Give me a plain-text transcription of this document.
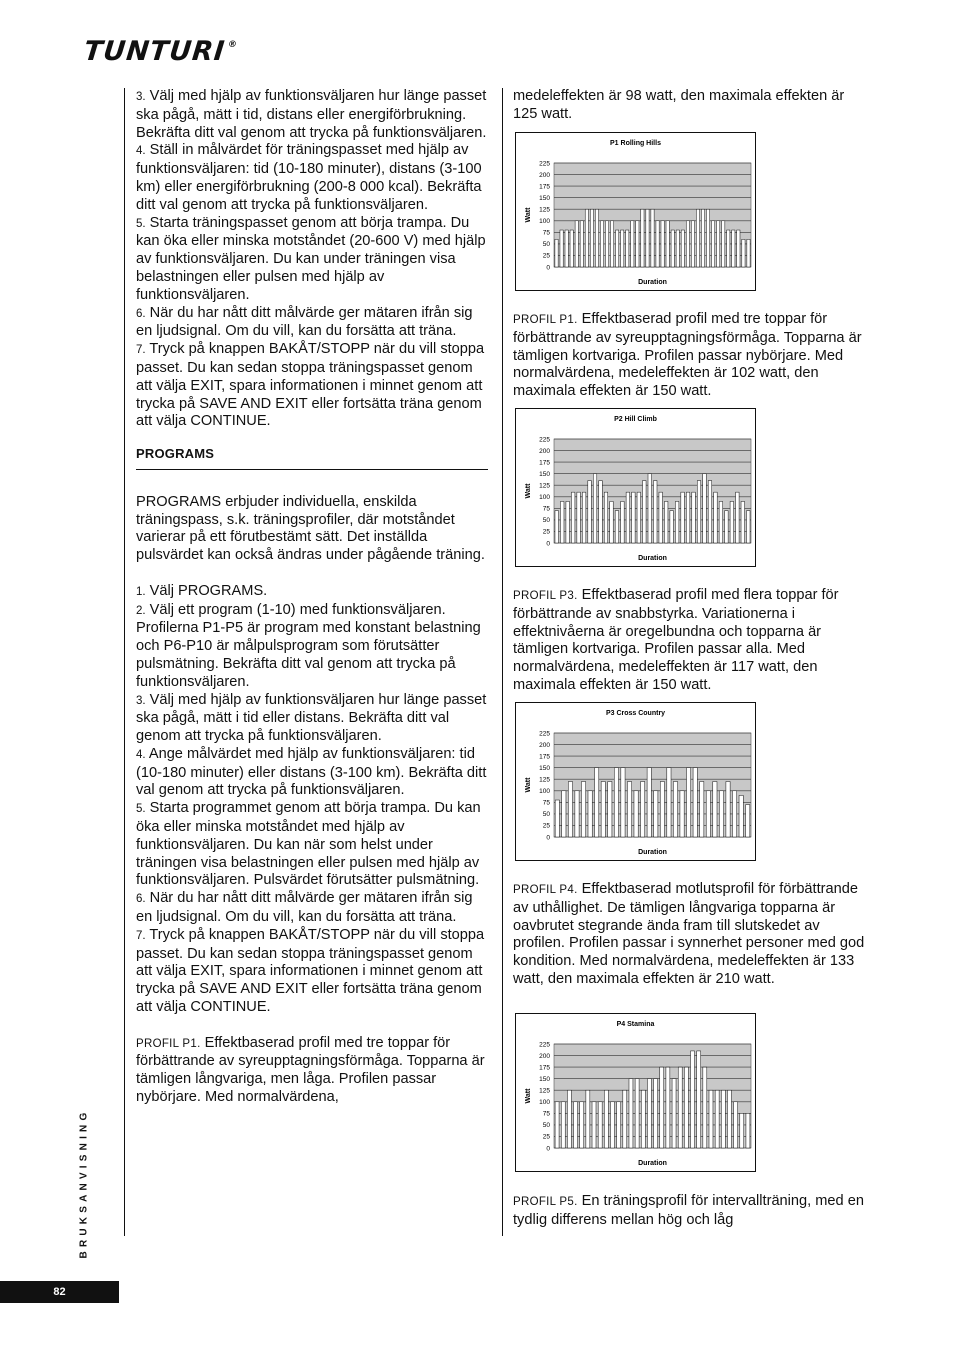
TUNTURI®

3. Välj med hjälp av funktionsväljaren hur länge passet ska pågå, mätt i tid, distans eller energiförbrukning. Bekräfta ditt val genom att trycka på funktionsväljaren.

4. Ställ in målvärdet för träningspasset med hjälp av funktionsväljaren: tid (10-180 minuter), distans (3-100 km) eller energiförbrukning (200-8 000 kcal). Bekräfta ditt val genom att trycka på funktionsväljaren.

5. Starta träningspasset genom att börja trampa. Du kan öka eller minska motståndet (20-600 V) med hjälp av funktionsväljaren. Du kan under träningen visa belastningen eller pulsen med hjälp av funktionsväljaren.

6. När du har nått ditt målvärde ger mätaren ifrån sig en ljudsignal. Om du vill, kan du forsätta att träna.

7. Tryck på knappen BAKÅT/STOPP när du vill stoppa passet. Du kan sedan stoppa träningspasset genom att välja EXIT, spara informationen i minnet genom att trycka på SAVE AND EXIT eller fortsätta träna genom att välja CONTINUE.

PROGRAMS

PROGRAMS erbjuder individuella, enskilda träningspass, s.k. träningsprofiler, där motståndet varierar på ett förutbestämt sätt. Det inställda pulsvärdet kan också ändras under pågående träning.

1. Välj PROGRAMS.

2. Välj ett program (1-10) med funktionsväljaren. Profilerna P1-P5 är program med konstant belastning och P6-P10 är målpulsprogram som förutsätter pulsmätning. Bekräfta ditt val genom att trycka på funktionsväljaren.

3. Välj med hjälp av funktionsväljaren hur länge passet ska pågå, mätt i tid eller distans. Bekräfta ditt val genom att trycka på funktionsväljaren.

4. Ange målvärdet med hjälp av funktionsväljaren: tid (10-180 minuter) eller distans (3-100 km). Bekräfta ditt val genom att trycka på funktionsväljaren.

5. Starta programmet genom att börja trampa. Du kan öka eller minska motståndet med hjälp av funktionsväljaren. Du kan när som helst under träningen visa belastningen eller pulsen med hjälp av funktionsväljaren. Pulsvärdet förutsätter pulsmätning.

6. När du har nått ditt målvärde ger mätaren ifrån sig en ljudsignal. Om du vill, kan du forsätta att träna.

7. Tryck på knappen BAKÅT/STOPP när du vill stoppa passet. Du kan sedan stoppa träningspasset genom att välja EXIT, spara informationen i minnet genom att trycka på SAVE AND EXIT eller fortsätta träna genom att välja CONTINUE.

PROFIL P1. Effektbaserad profil med tre toppar för förbättrande av syreupptagningsförmåga. Topparna är tämligen långvariga, men låga. Profilen passar nybörjare. Med normalvärdena,

medeleffekten är 98 watt, den maximala effekten är 125 watt.

P1 Rolling Hills
225
200
175
150
125
100
75
50
25
0
Watt
Duration

PROFIL P1. Effektbaserad profil med tre toppar för förbättrande av syreupptagningsförmåga. Topparna är tämligen kortvariga. Profilen passar nybörjare. Med normalvärdena, medeleffekten är 102 watt, den maximala effekten är 150 watt.

P2 Hill Climb
225
200
175
150
125
100
75
50
25
0
Watt
Duration

PROFIL P3. Effektbaserad profil med flera toppar för förbättrande av snabbstyrka. Variationerna i effektnivåerna är oregelbundna och topparna är tämligen kortvariga. Profilen passar alla. Med normalvärdena, medeleffekten är 117 watt, den maximala effekten är 150 watt.

P3 Cross Country
225
200
175
150
125
100
75
50
25
0
Watt
Duration

PROFIL P4. Effektbaserad motlutsprofil för förbättrande av uthållighet. De tämligen långvariga topparna är oavbrutet stegrande ända fram till slutskedet av profilen. Profilen passar i synnerhet personer med god kondition. Med normalvärdena, medeleffekten är 133 watt, den maximala effekten är 210 watt.

P4 Stamina
225
200
175
150
125
100
75
50
25
0
Watt
Duration

PROFIL P5. En träningsprofil för intervallträning, med en tydlig differens mellan hög och låg

BRUKSANVISNING
82
